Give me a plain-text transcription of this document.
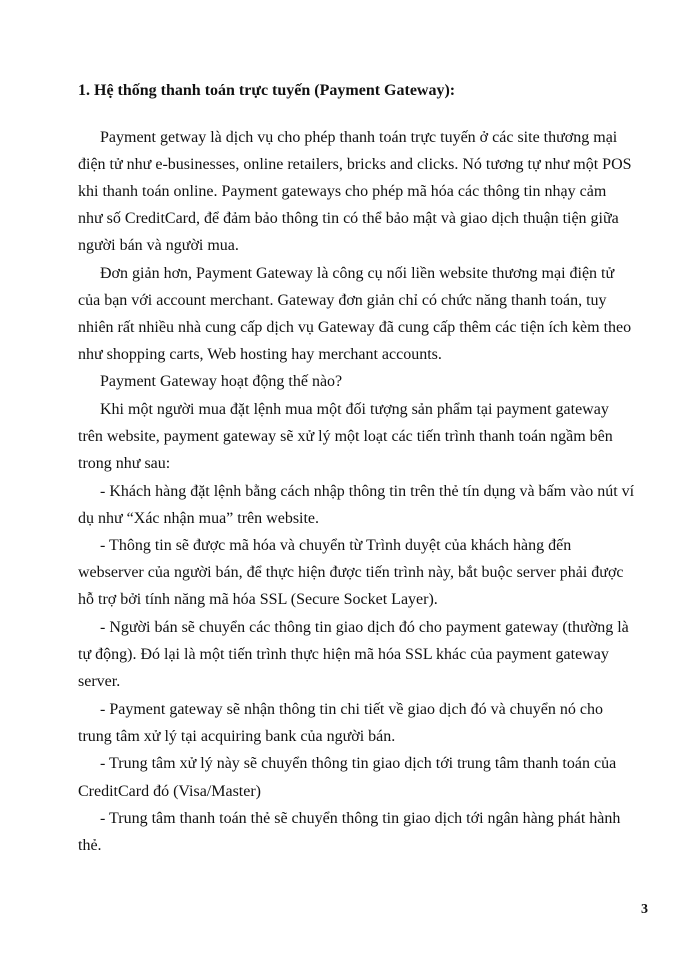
1. Hệ thống thanh toán trực tuyến (Payment Gateway):
Payment getway là dịch vụ cho phép thanh toán trực tuyến ở các site thương mại
điện tử như e-businesses, online retailers, bricks and clicks. Nó tương tự như một POS
khi thanh toán online. Payment gateways cho phép mã hóa các thông tin nhạy cảm
như số CreditCard, để đảm bảo thông tin có thể bảo mật và giao dịch thuận tiện giữa
người bán và người mua.
Đơn giản hơn, Payment Gateway là công cụ nối liền website thương mại điện tử
của bạn với account merchant. Gateway đơn giản chỉ có chức năng thanh toán, tuy
nhiên rất nhiều nhà cung cấp dịch vụ Gateway đã cung cấp thêm các tiện ích kèm theo
như shopping carts, Web hosting hay merchant accounts.
Payment Gateway hoạt động thế nào?
Khi một người mua đặt lệnh mua một đối tượng sản phẩm tại payment gateway
trên website, payment gateway sẽ xử lý một loạt các tiến trình thanh toán ngầm bên
trong như sau:
- Khách hàng đặt lệnh bằng cách nhập thông tin trên thẻ tín dụng và bấm vào nút ví
dụ như “Xác nhận mua” trên website.
- Thông tin sẽ được mã hóa và chuyển từ Trình duyệt của khách hàng đến
webserver của người bán, để thực hiện được tiến trình này, bắt buộc server phải được
hỗ trợ bởi tính năng mã hóa SSL (Secure Socket Layer).
- Người bán sẽ chuyển các thông tin giao dịch đó cho payment gateway (thường là
tự động). Đó lại là một tiến trình thực hiện mã hóa SSL khác của payment gateway
server.
- Payment gateway sẽ nhận thông tin chi tiết về giao dịch đó và chuyển nó cho
trung tâm xử lý tại acquiring bank của người bán.
- Trung tâm xử lý này sẽ chuyển thông tin giao dịch tới trung tâm thanh toán của
CreditCard đó (Visa/Master)
- Trung tâm thanh toán thẻ sẽ chuyển thông tin giao dịch tới ngân hàng phát hành
thẻ.
3
